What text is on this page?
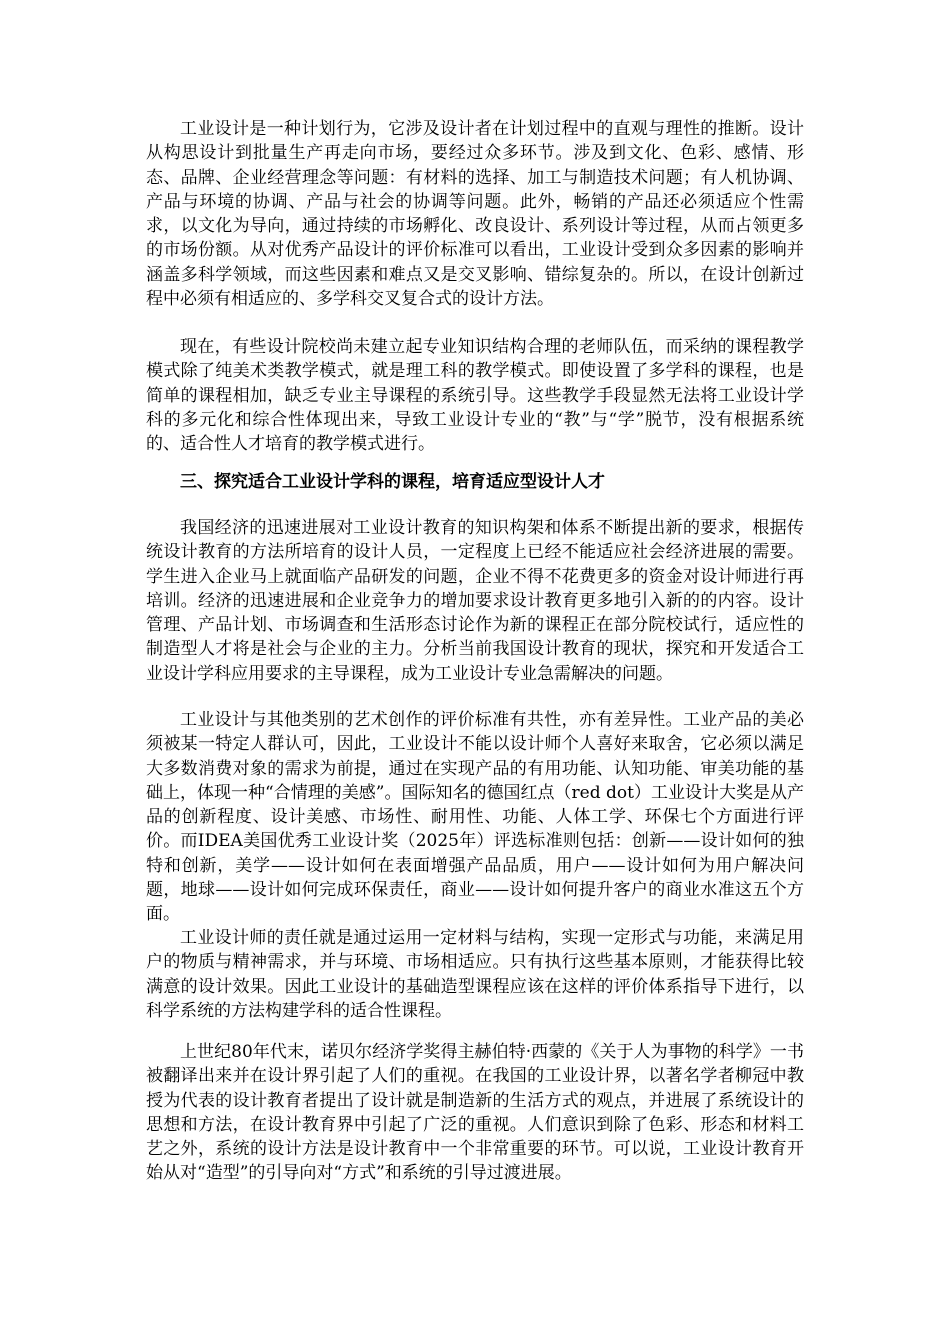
工业设计是一种计划行为，它涉及设计者在计划过程中的直观与理性的推断。设计从构思设计到批量生产再走向市场，要经过众多环节。涉及到文化、色彩、感情、形态、品牌、企业经营理念等问题：有材料的选择、加工与制造技术问题；有人机协调、产品与环境的协调、产品与社会的协调等问题。此外，畅销的产品还必须适应个性需求，以文化为导向，通过持续的市场孵化、改良设计、系列设计等过程，从而占领更多的市场份额。从对优秀产品设计的评价标准可以看出，工业设计受到众多因素的影响并涵盖多科学领域，而这些因素和难点又是交叉影响、错综复杂的。所以，在设计创新过程中必须有相适应的、多学科交叉复合式的设计方法。

现在，有些设计院校尚未建立起专业知识结构合理的老师队伍，而采纳的课程教学模式除了纯美术类教学模式，就是理工科的教学模式。即使设置了多学科的课程，也是简单的课程相加，缺乏专业主导课程的系统引导。这些教学手段显然无法将工业设计学科的多元化和综合性体现出来，导致工业设计专业的“教”与“学”脱节，没有根据系统的、适合性人才培育的教学模式进行。

三、探究适合工业设计学科的课程，培育适应型设计人才

我国经济的迅速进展对工业设计教育的知识构架和体系不断提出新的要求，根据传统设计教育的方法所培育的设计人员，一定程度上已经不能适应社会经济进展的需要。学生进入企业马上就面临产品研发的问题，企业不得不花费更多的资金对设计师进行再培训。经济的迅速进展和企业竞争力的增加要求设计教育更多地引入新的的内容。设计管理、产品计划、市场调查和生活形态讨论作为新的课程正在部分院校试行，适应性的制造型人才将是社会与企业的主力。分析当前我国设计教育的现状，探究和开发适合工业设计学科应用要求的主导课程，成为工业设计专业急需解决的问题。

工业设计与其他类别的艺术创作的评价标准有共性，亦有差异性。工业产品的美必须被某一特定人群认可，因此，工业设计不能以设计师个人喜好来取舍，它必须以满足大多数消费对象的需求为前提，通过在实现产品的有用功能、认知功能、审美功能的基础上，体现一种“合情理的美感”。国际知名的德国红点（red dot）工业设计大奖是从产品的创新程度、设计美感、市场性、耐用性、功能、人体工学、环保七个方面进行评价。而IDEA美国优秀工业设计奖（2025年）评选标准则包括：创新——设计如何的独特和创新，美学——设计如何在表面增强产品品质，用户——设计如何为用户解决问题，地球——设计如何完成环保责任，商业——设计如何提升客户的商业水准这五个方面。

工业设计师的责任就是通过运用一定材料与结构，实现一定形式与功能，来满足用户的物质与精神需求，并与环境、市场相适应。只有执行这些基本原则，才能获得比较满意的设计效果。因此工业设计的基础造型课程应该在这样的评价体系指导下进行，以科学系统的方法构建学科的适合性课程。

上世纪80年代末，诺贝尔经济学奖得主赫伯特·西蒙的《关于人为事物的科学》一书被翻译出来并在设计界引起了人们的重视。在我国的工业设计界，以著名学者柳冠中教授为代表的设计教育者提出了设计就是制造新的生活方式的观点，并进展了系统设计的思想和方法，在设计教育界中引起了广泛的重视。人们意识到除了色彩、形态和材料工艺之外，系统的设计方法是设计教育中一个非常重要的环节。可以说，工业设计教育开始从对“造型”的引导向对“方式”和系统的引导过渡进展。
